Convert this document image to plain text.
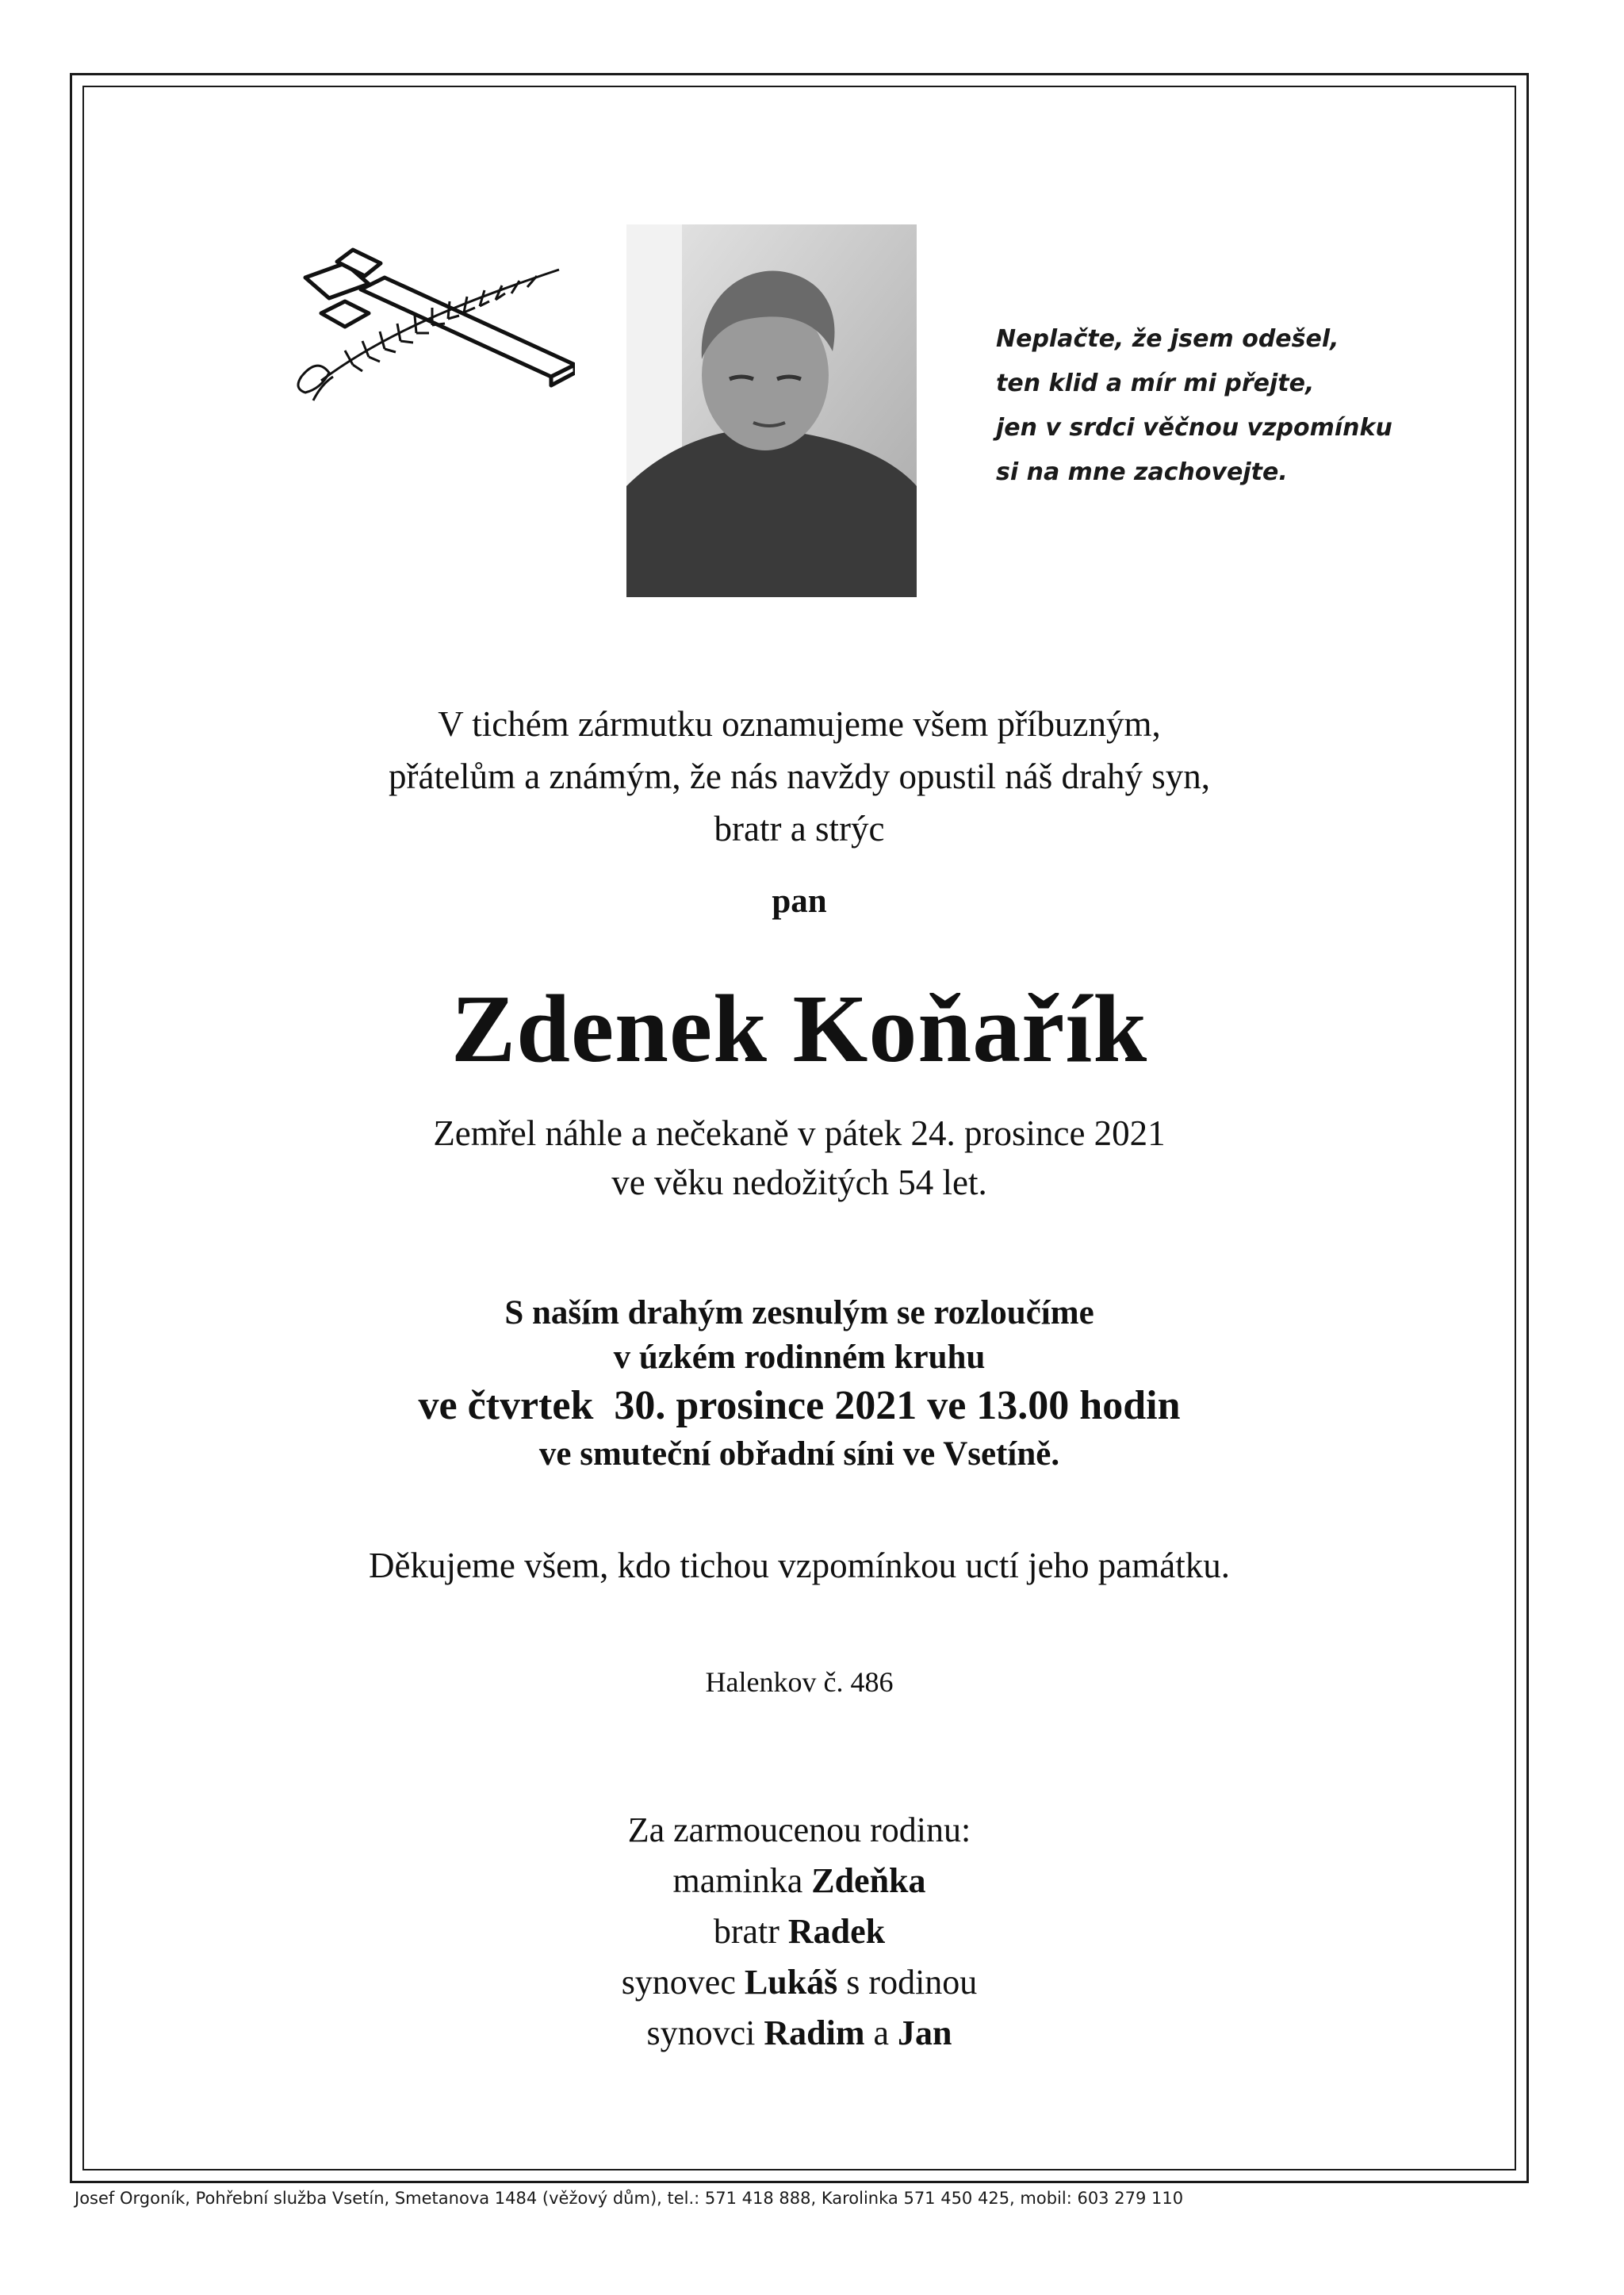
Neplačte, že jsem odešel,
ten klid a mír mi přejte,
jen v srdci věčnou vzpomínku
si na mne zachovejte.
V tichém zármutku oznamujeme všem příbuzným,
přátelům a známým, že nás navždy opustil náš drahý syn,
bratr a strýc
pan
Zdenek Koňařík
Zemřel náhle a nečekaně v pátek 24. prosince 2021
ve věku nedožitých 54 let.
S naším drahým zesnulým se rozloučíme
v úzkém rodinném kruhu
ve čtvrtek  30. prosince 2021 ve 13.00 hodin
ve smuteční obřadní síni ve Vsetíně.
Děkujeme všem, kdo tichou vzpomínkou uctí jeho památku.
Halenkov č. 486
Za zarmoucenou rodinu:
maminka Zdeňka
bratr Radek
synovec Lukáš s rodinou
synovci Radim a Jan
Josef Orgoník, Pohřební služba Vsetín, Smetanova 1484 (věžový dům), tel.: 571 418 888, Karolinka 571 450 425, mobil: 603 279 110
